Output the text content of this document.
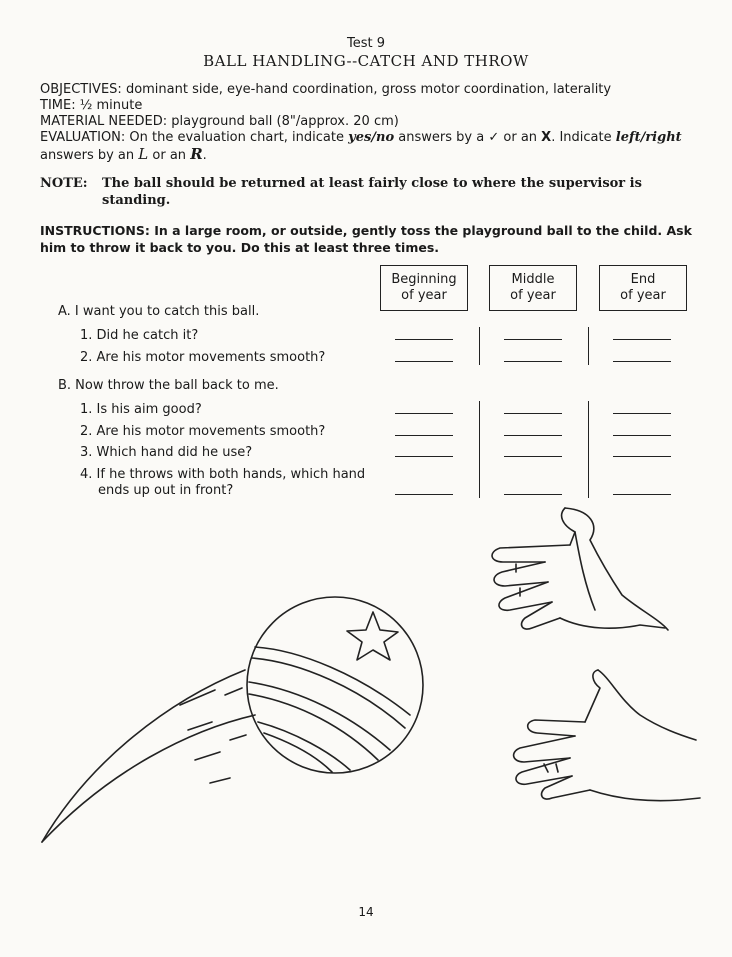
Test 9
BALL HANDLING--CATCH AND THROW
OBJECTIVES: dominant side, eye-hand coordination, gross motor coordination, laterality
TIME: ½ minute
MATERIAL NEEDED: playground ball (8"/approx. 20 cm)
EVALUATION: On the evaluation chart, indicate yes/no answers by a ✓ or an X. Indicate left/right
answers by an L or an R.
NOTE: The ball should be returned at least fairly close to where the supervisor is standing.
INSTRUCTIONS: In a large room, or outside, gently toss the playground ball to the child. Ask him to throw it back to you. Do this at least three times.
Beginning
of year
Middle
of year
End
of year
A. I want you to catch this ball.
1. Did he catch it?
2. Are his motor movements smooth?
B. Now throw the ball back to me.
1. Is his aim good?
2. Are his motor movements smooth?
3. Which hand did he use?
4. If he throws with both hands, which hand
ends up out in front?
14
